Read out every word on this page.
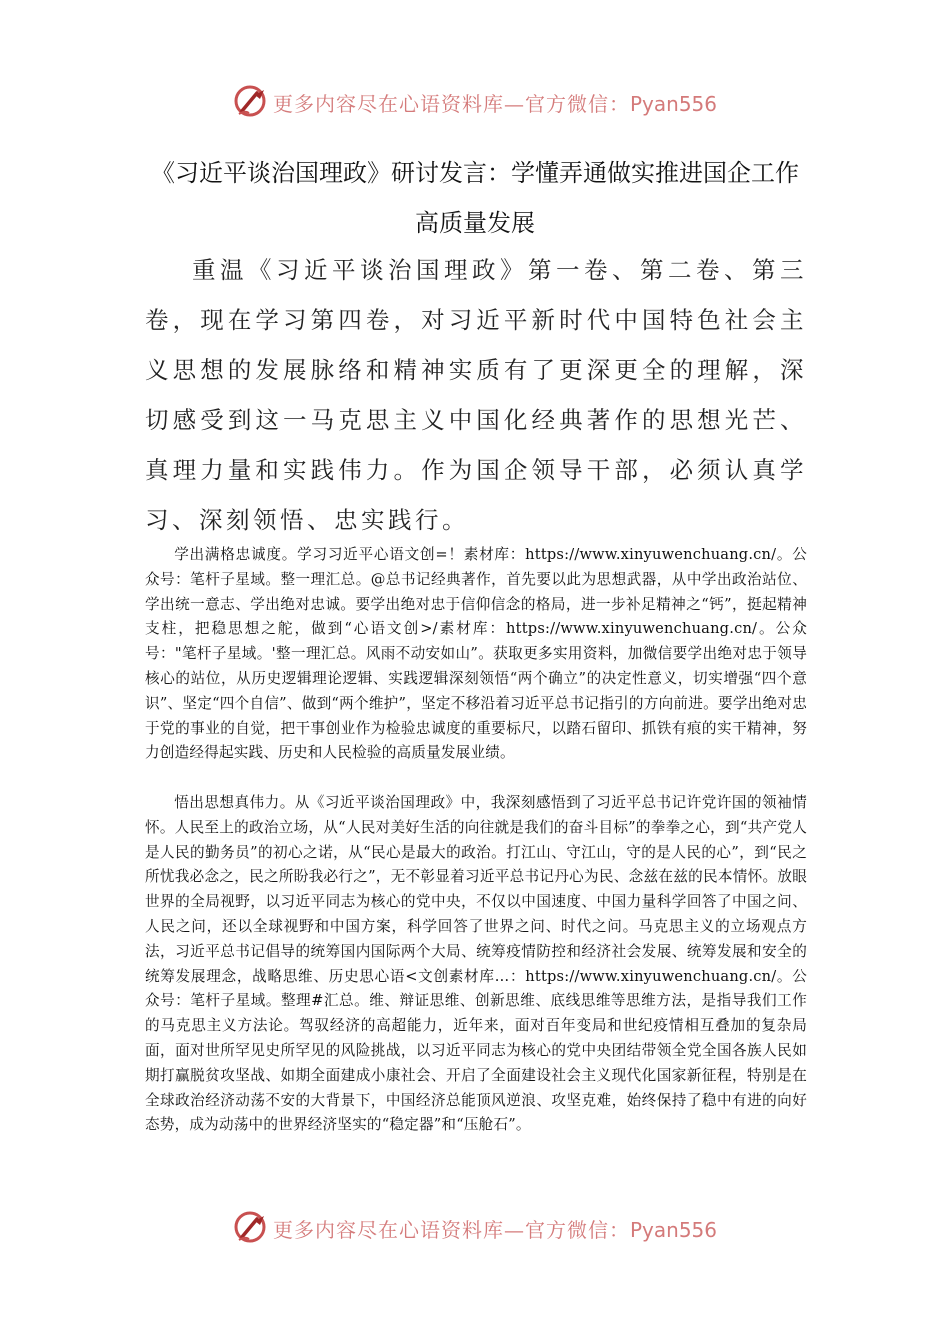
更多内容尽在心语资料库—官方微信：Pyan556
《习近平谈治国理政》研讨发言：学懂弄通做实推进国企工作高质量发展

重温《习近平谈治国理政》第一卷、第二卷、第三卷，现在学习第四卷，对习近平新时代中国特色社会主义思想的发展脉络和精神实质有了更深更全的理解，深切感受到这一马克思主义中国化经典著作的思想光芒、真理力量和实践伟力。作为国企领导干部，必须认真学习、深刻领悟、忠实践行。

学出满格忠诚度。学习习近平心语文创=！素材库：https://www.xinyuwenchuang.cn/。公众号：笔杆子星域。整一理汇总。@总书记经典著作，首先要以此为思想武器，从中学出政治站位、学出统一意志、学出绝对忠诚。要学出绝对忠于信仰信念的格局，进一步补足精神之“钙”，挺起精神支柱，把稳思想之舵，做到“心语文创>/素材库：https://www.xinyuwenchuang.cn/。公众号："笔杆子星域。'整一理汇总。风雨不动安如山”。获取更多实用资料，加微信要学出绝对忠于领导核心的站位，从历史逻辑理论逻辑、实践逻辑深刻领悟“两个确立”的决定性意义，切实增强“四个意识”、坚定“四个自信”、做到“两个维护”，坚定不移沿着习近平总书记指引的方向前进。要学出绝对忠于党的事业的自觉，把干事创业作为检验忠诚度的重要标尺，以踏石留印、抓铁有痕的实干精神，努力创造经得起实践、历史和人民检验的高质量发展业绩。

悟出思想真伟力。从《习近平谈治国理政》中，我深刻感悟到了习近平总书记许党许国的领袖情怀。人民至上的政治立场，从“人民对美好生活的向往就是我们的奋斗目标”的拳拳之心，到“共产党人是人民的勤务员”的初心之诺，从“民心是最大的政治。打江山、守江山，守的是人民的心”，到“民之所忧我必念之，民之所盼我必行之”，无不彰显着习近平总书记丹心为民、念兹在兹的民本情怀。放眼世界的全局视野，以习近平同志为核心的党中央，不仅以中国速度、中国力量科学回答了中国之问、人民之问，还以全球视野和中国方案，科学回答了世界之问、时代之问。马克思主义的立场观点方法，习近平总书记倡导的统筹国内国际两个大局、统筹疫情防控和经济社会发展、统筹发展和安全的统筹发展理念，战略思维、历史思心语<文创素材库…：https://www.xinyuwenchuang.cn/。公众号：笔杆子星域。整理#汇总。维、辩证思维、创新思维、底线思维等思维方法，是指导我们工作的马克思主义方法论。驾驭经济的高超能力，近年来，面对百年变局和世纪疫情相互叠加的复杂局面，面对世所罕见史所罕见的风险挑战，以习近平同志为核心的党中央团结带领全党全国各族人民如期打赢脱贫攻坚战、如期全面建成小康社会、开启了全面建设社会主义现代化国家新征程，特别是在全球政治经济动荡不安的大背景下，中国经济总能顶风逆浪、攻坚克难，始终保持了稳中有进的向好态势，成为动荡中的世界经济坚实的“稳定器”和“压舱石”。

更多内容尽在心语资料库—官方微信：Pyan556
